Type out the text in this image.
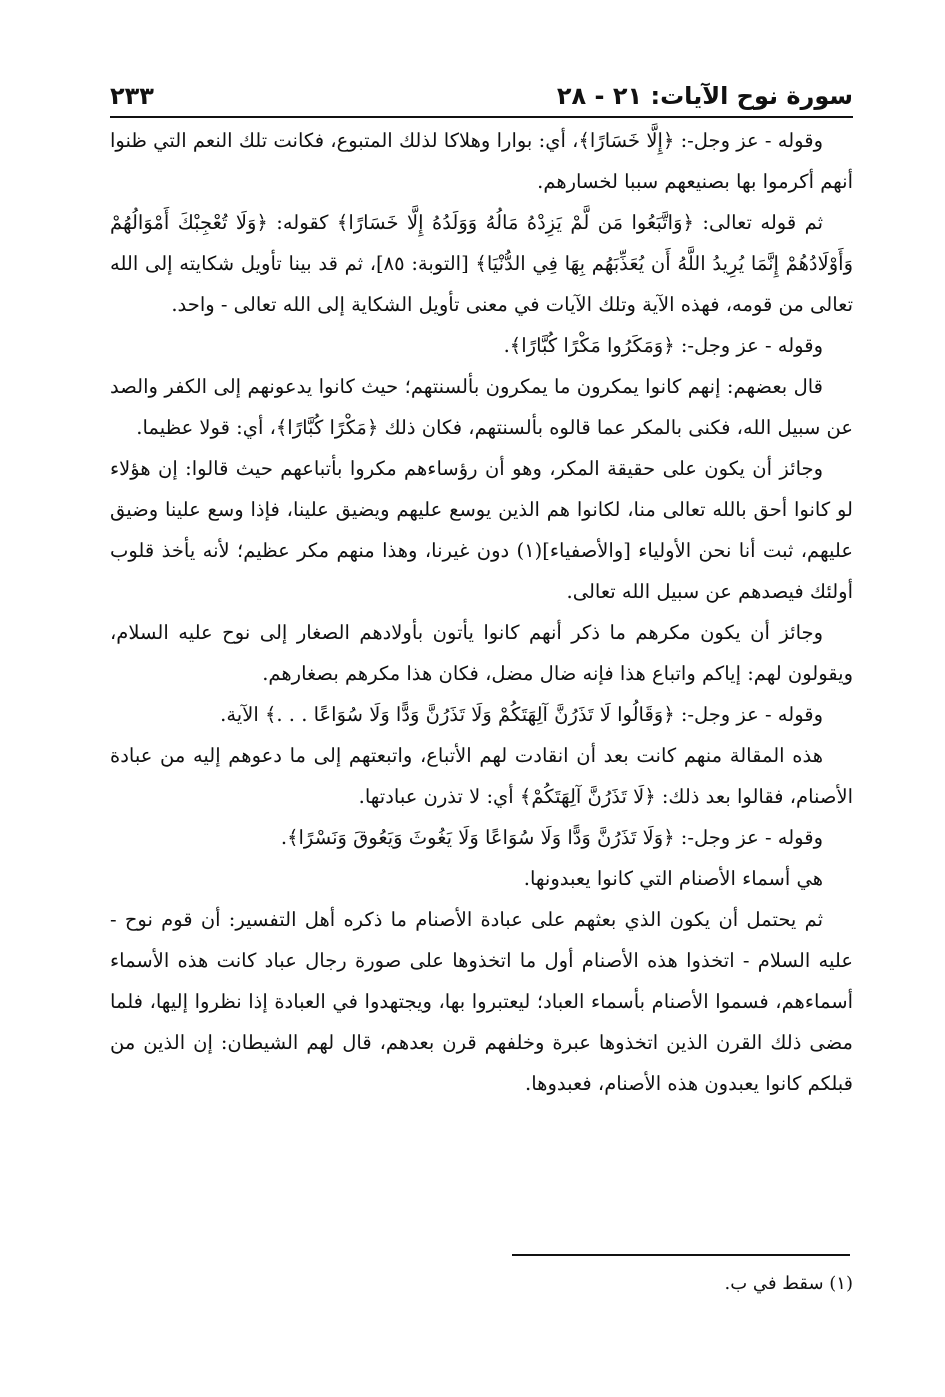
سورة نوح الآيات: ٢١ - ٢٨
٢٣٣

وقوله - عز وجل-: ﴿إِلَّا خَسَارًا﴾، أي: بوارا وهلاكا لذلك المتبوع، فكانت تلك النعم التي ظنوا أنهم أكرموا بها بصنيعهم سببا لخسارهم.

ثم قوله تعالى: ﴿وَاتَّبَعُوا مَن لَّمْ يَزِدْهُ مَالُهُ وَوَلَدُهُ إِلَّا خَسَارًا﴾ كقوله: ﴿وَلَا تُعْجِبْكَ أَمْوَالُهُمْ وَأَوْلَادُهُمْ إِنَّمَا يُرِيدُ اللَّهُ أَن يُعَذِّبَهُم بِهَا فِي الدُّنْيَا﴾ [التوبة: ٨٥]، ثم قد بينا تأويل شكايته إلى الله تعالى من قومه، فهذه الآية وتلك الآيات في معنى تأويل الشكاية إلى الله تعالى - واحد.

وقوله - عز وجل-: ﴿وَمَكَرُوا مَكْرًا كُبَّارًا﴾.

قال بعضهم: إنهم كانوا يمكرون ما يمكرون بألسنتهم؛ حيث كانوا يدعونهم إلى الكفر والصد عن سبيل الله، فكنى بالمكر عما قالوه بألسنتهم، فكان ذلك ﴿مَكْرًا كُبَّارًا﴾، أي: قولا عظيما.

وجائز أن يكون على حقيقة المكر، وهو أن رؤساءهم مكروا بأتباعهم حيث قالوا: إن هؤلاء لو كانوا أحق بالله تعالى منا، لكانوا هم الذين يوسع عليهم ويضيق علينا، فإذا وسع علينا وضيق عليهم، ثبت أنا نحن الأولياء [والأصفياء](١) دون غيرنا، وهذا منهم مكر عظيم؛ لأنه يأخذ قلوب أولئك فيصدهم عن سبيل الله تعالى.

وجائز أن يكون مكرهم ما ذكر أنهم كانوا يأتون بأولادهم الصغار إلى نوح عليه السلام، ويقولون لهم: إياكم واتباع هذا فإنه ضال مضل، فكان هذا مكرهم بصغارهم.

وقوله - عز وجل-: ﴿وَقَالُوا لَا تَذَرُنَّ آلِهَتَكُمْ وَلَا تَذَرُنَّ وَدًّا وَلَا سُوَاعًا . . .﴾ الآية.

هذه المقالة منهم كانت بعد أن انقادت لهم الأتباع، واتبعتهم إلى ما دعوهم إليه من عبادة الأصنام، فقالوا بعد ذلك: ﴿لَا تَذَرُنَّ آلِهَتَكُمْ﴾ أي: لا تذرن عبادتها.

وقوله - عز وجل-: ﴿وَلَا تَذَرُنَّ وَدًّا وَلَا سُوَاعًا وَلَا يَغُوثَ وَيَعُوقَ وَنَسْرًا﴾.

هي أسماء الأصنام التي كانوا يعبدونها.

ثم يحتمل أن يكون الذي بعثهم على عبادة الأصنام ما ذكره أهل التفسير: أن قوم نوح - عليه السلام - اتخذوا هذه الأصنام أول ما اتخذوها على صورة رجال عباد كانت هذه الأسماء أسماءهم، فسموا الأصنام بأسماء العباد؛ ليعتبروا بها، ويجتهدوا في العبادة إذا نظروا إليها، فلما مضى ذلك القرن الذين اتخذوها عبرة وخلفهم قرن بعدهم، قال لهم الشيطان: إن الذين من قبلكم كانوا يعبدون هذه الأصنام، فعبدوها.

(١) سقط في ب.
